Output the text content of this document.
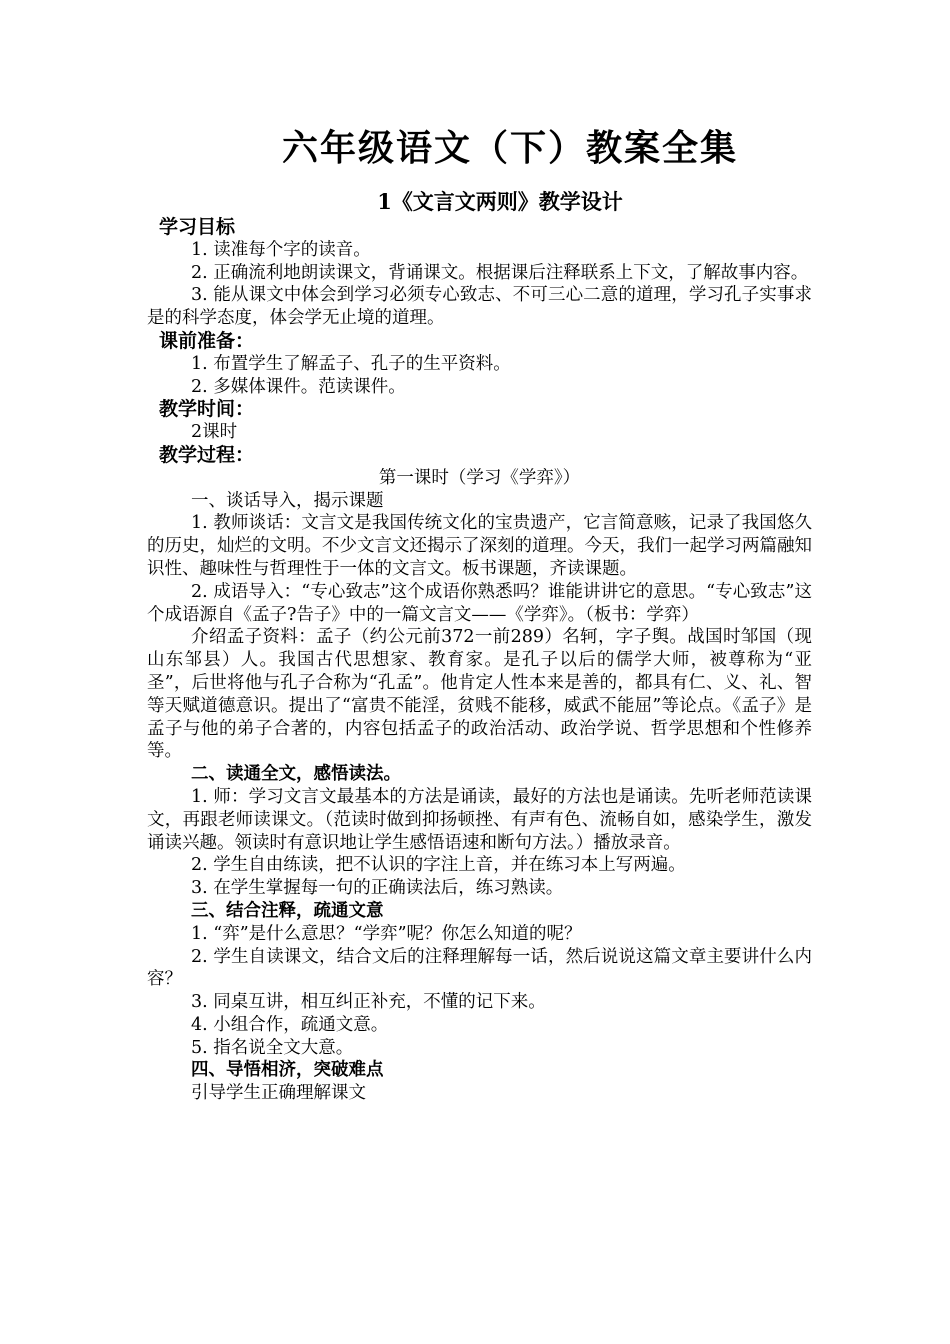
六年级语文（下）教案全集
1《文言文两则》教学设计

学习目标

1. 读准每个字的读音。

2. 正确流利地朗读课文，背诵课文。根据课后注释联系上下文，了解故事内容。

3. 能从课文中体会到学习必须专心致志、不可三心二意的道理，学习孔子实事求是的科学态度，体会学无止境的道理。

课前准备：

1. 布置学生了解孟子、孔子的生平资料。

2. 多媒体课件。范读课件。

教学时间：

2课时

教学过程：

第一课时（学习《学弈》）

一、谈话导入，揭示课题

1. 教师谈话：文言文是我国传统文化的宝贵遗产，它言简意赅，记录了我国悠久的历史，灿烂的文明。不少文言文还揭示了深刻的道理。今天，我们一起学习两篇融知识性、趣味性与哲理性于一体的文言文。板书课题，齐读课题。

2. 成语导入：“专心致志”这个成语你熟悉吗？谁能讲讲它的意思。“专心致志”这个成语源自《孟子?告子》中的一篇文言文——《学弈》。（板书：学弈）

介绍孟子资料：孟子（约公元前372一前289）名轲，字子舆。战国时邹国（现山东邹县）人。我国古代思想家、教育家。是孔子以后的儒学大师，被尊称为“亚圣”，后世将他与孔子合称为“孔孟”。他肯定人性本来是善的，都具有仁、义、礼、智等天赋道德意识。提出了“富贵不能淫，贫贱不能移，威武不能屈”等论点。《孟子》是孟子与他的弟子合著的，内容包括孟子的政治活动、政治学说、哲学思想和个性修养等。

二、读通全文，感悟读法。

1. 师：学习文言文最基本的方法是诵读，最好的方法也是诵读。先听老师范读课文，再跟老师读课文。（范读时做到抑扬顿挫、有声有色、流畅自如，感染学生，激发诵读兴趣。领读时有意识地让学生感悟语速和断句方法。）播放录音。

2. 学生自由练读，把不认识的字注上音，并在练习本上写两遍。

3. 在学生掌握每一句的正确读法后，练习熟读。

三、结合注释，疏通文意

1. “弈”是什么意思？“学弈”呢？你怎么知道的呢？

2. 学生自读课文，结合文后的注释理解每一话，然后说说这篇文章主要讲什么内容？

3. 同桌互讲，相互纠正补充，不懂的记下来。

4. 小组合作，疏通文意。

5. 指名说全文大意。

四、导悟相济，突破难点

引导学生正确理解课文
